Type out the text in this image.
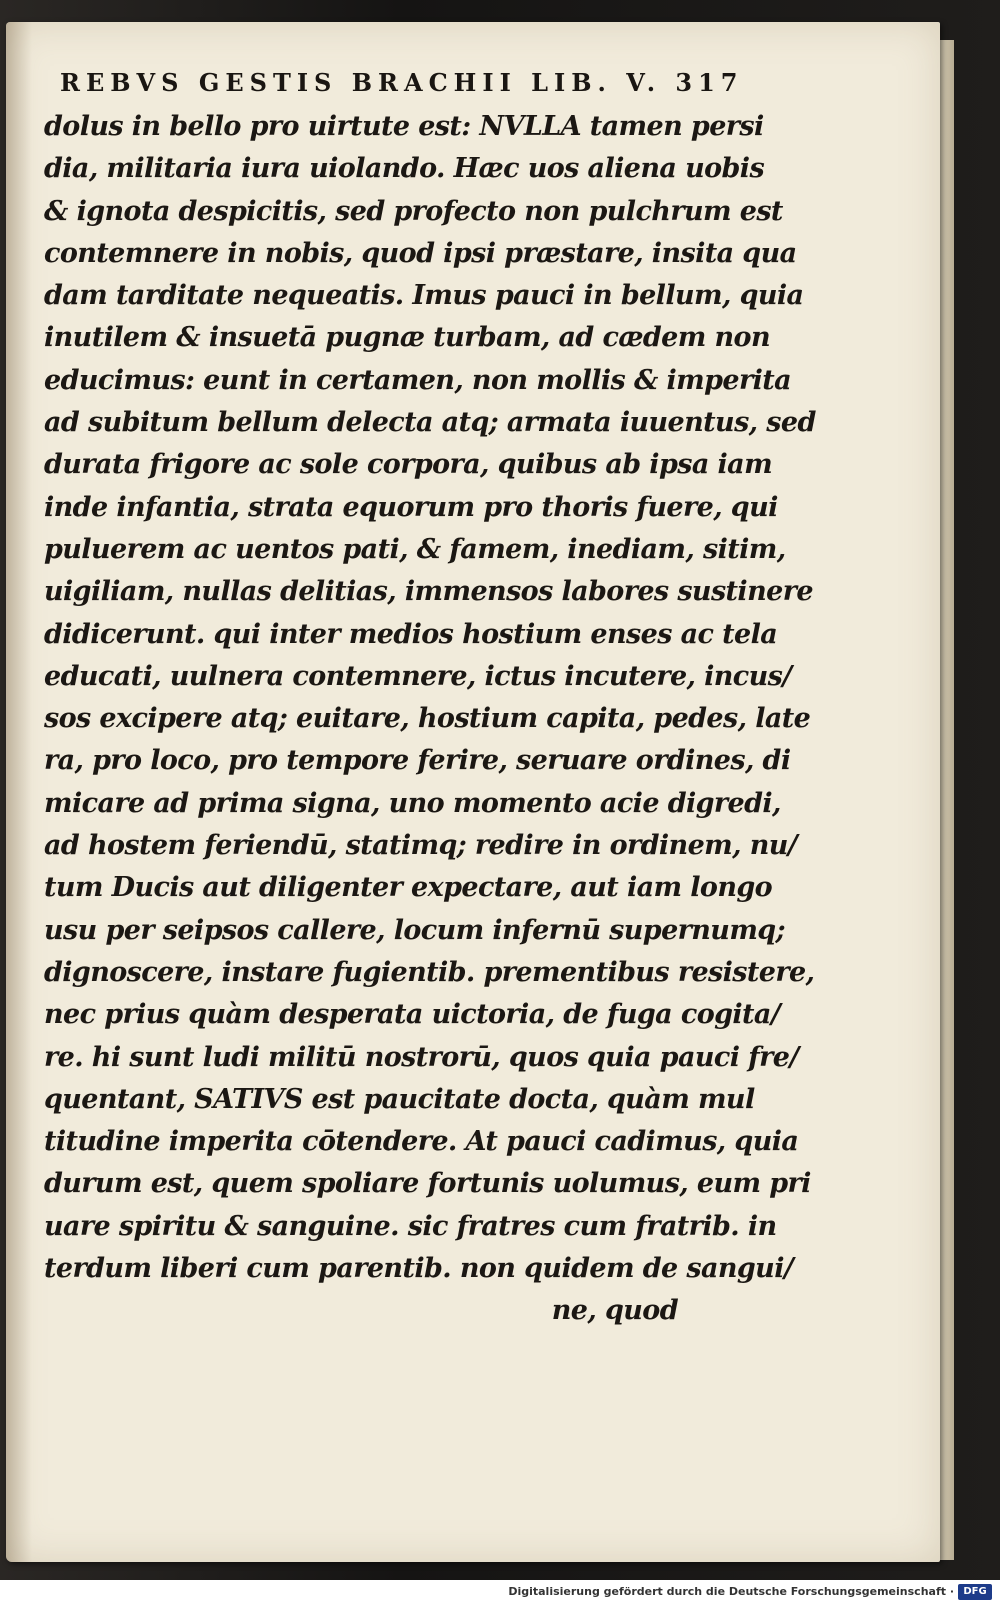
REBVS GESTIS BRACHII LIB. V. 317
dolus in bello pro uirtute est: NVLLA tamen persi
dia, militaria iura uiolando. Hæc uos aliena uobis
& ignota despicitis, sed profecto non pulchrum est
contemnere in nobis, quod ipsi præstare, insita qua
dam tarditate nequeatis. Imus pauci in bellum, quia
inutilem & insuetā pugnæ turbam, ad cædem non
educimus: eunt in certamen, non mollis & imperita
ad subitum bellum delecta atq; armata iuuentus, sed
durata frigore ac sole corpora, quibus ab ipsa iam
inde infantia, strata equorum pro thoris fuere, qui
puluerem ac uentos pati, & famem, inediam, sitim,
uigiliam, nullas delitias, immensos labores sustinere
didicerunt. qui inter medios hostium enses ac tela
educati, uulnera contemnere, ictus incutere, incus/
sos excipere atq; euitare, hostium capita, pedes, late
ra, pro loco, pro tempore ferire, seruare ordines, di
micare ad prima signa, uno momento acie digredi,
ad hostem feriendū, statimq; redire in ordinem, nu/
tum Ducis aut diligenter expectare, aut iam longo
usu per seipsos callere, locum infernū supernumq;
dignoscere, instare fugientib. prementibus resistere,
nec prius quàm desperata uictoria, de fuga cogita/
re. hi sunt ludi militū nostrorū, quos quia pauci fre/
quentant, SATIVS est paucitate docta, quàm mul
titudine imperita cōtendere. At pauci cadimus, quia
durum est, quem spoliare fortunis uolumus, eum pri
uare spiritu & sanguine. sic fratres cum fratrib. in
terdum liberi cum parentib. non quidem de sangui/
ne, quod
Digitalisierung gefördert durch die Deutsche Forschungsgemeinschaft · DFG
